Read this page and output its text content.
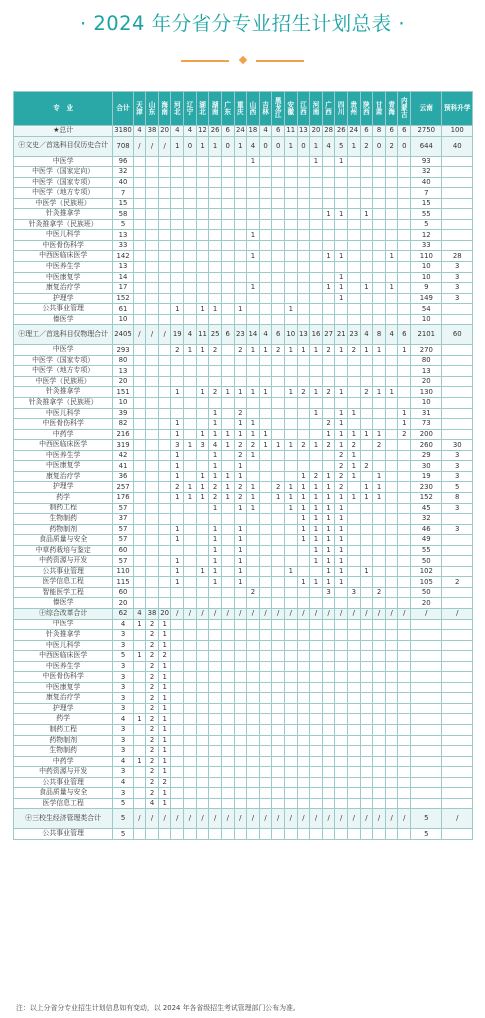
· 2024 年分省分专业招生计划总表 ·
专　业	合计	天津	山东	海南	河北	辽宁	湖北	湖南	广东	重庆	山西	吉林	黑龙江	安徽	江西	河南	广西	四川	贵州	陕西	甘肃	青海	内蒙古	云南	预科升学
★总计	3180	4	38	20	4	4	12	26	6	24	18	4	6	11	13	20	28	26	24	6	8	6	6	2750	100
㊉文史／首选科目仅历史合计	708	/	/	/	1	0	1	1	0	1	4	0	0	1	0	1	4	5	1	2	0	2	0	644	40
中医学	96										1					1		1						93	
中医学（国家定向）	32																							32	
中医学（国家专项）	40																							40	
中医学（地方专项）	7																							7	
中医学（民族班）	15																							15	
针灸推拿学	58																1	1		1				55	
针灸推拿学（民族班）	5																							5	
中医儿科学	13										1													12	
中医骨伤科学	33																							33	
中西医临床医学	142										1						1	1				1		110	28
中医养生学	13																							10	3
中医康复学	14																	1						10	3
康复治疗学	17										1						1	1		1		1		9	3
护理学	152																	1						149	3
公共事业管理	61				1		1	1		1				1										54	
傣医学	10																							10	
㊉理工／首选科目仅物理合计	2405	/	/	/	19	4	11	25	6	23	14	4	6	10	13	16	27	21	23	4	8	4	6	2101	60
中医学	293				2	1	1	2		2	1	1	2	1	1	1	2	1	2	1	1		1	270	
中医学（国家专项）	80																							80	
中医学（地方专项）	13																							13	
中医学（民族班）	20																							20	
针灸推拿学	151				1		1	2	1	1	1	1		1	2	1	2	1		2	1	1		130	
针灸推拿学（民族班）	10																							10	
中医儿科学	39							1		2						1		1	1				1	31	
中医骨伤科学	82				1			1		1	1						2	1					1	73	
中药学	216				1		1	1	1	1	1	1					1	1	1	1	1		2	200	
中西医临床医学	319				3	1	3	4	1	2	2	1	1	1	2	1	2	1	2		2			260	30
中医养生学	42				1			1		2	1							2	1					29	3
中医康复学	41				1			1		1								2	1	2				30	3
康复治疗学	36				1		1	1	1	1					1	2	1	2	1		1			19	3
护理学	257				2	1	1	2	1	2	1		2	1	1	1	1	2		1	1			230	5
药学	176				1	1	1	2	1	2	1		1	1	1	1	1	1	1	1	1			152	8
制药工程	57							1		1	1			1	1	1	1	1						45	3
生物制药	37														1	1	1	1						32	
药物制剂	57				1			1		1					1	1	1	1						46	3
食品质量与安全	57				1			1		1					1	1	1	1						49	
中草药栽培与鉴定	60							1		1						1	1	1						55	
中药资源与开发	57				1			1		1						1	1	1						50	
公共事业管理	110				1		1	1		1				1			1	1		1				102	
医学信息工程	115				1			1		1					1	1	1	1						105	2
智能医学工程	60										2						3		3		2			50	
傣医学	20																							20	
㊉综合改革合计	62	4	38	20	/	/	/	/	/	/	/	/	/	/	/	/	/	/	/	/	/	/	/	/	/
中医学	4	1	2	1																					
针灸推拿学	3		2	1																					
中医儿科学	3		2	1																					
中西医临床医学	5	1	2	2																					
中医养生学	3		2	1																					
中医骨伤科学	3		2	1																					
中医康复学	3		2	1																					
康复治疗学	3		2	1																					
护理学	3		2	1																					
药学	4	1	2	1																					
制药工程	3		2	1																					
药物制剂	3		2	1																					
生物制药	3		2	1																					
中药学	4	1	2	1																					
中药资源与开发	3		2	1																					
公共事业管理	4		2	2																					
食品质量与安全	3		2	1																					
医学信息工程	5		4	1																					
㊉三校生经济管理类合计	5	/	/	/	/	/	/	/	/	/	/	/	/	/	/	/	/	/	/	/	/	/	/	5	/
公共事业管理	5																							5	
注：以上分省分专业招生计划信息如有变动，以 2024 年各省级招生考试管理部门公布为准。
